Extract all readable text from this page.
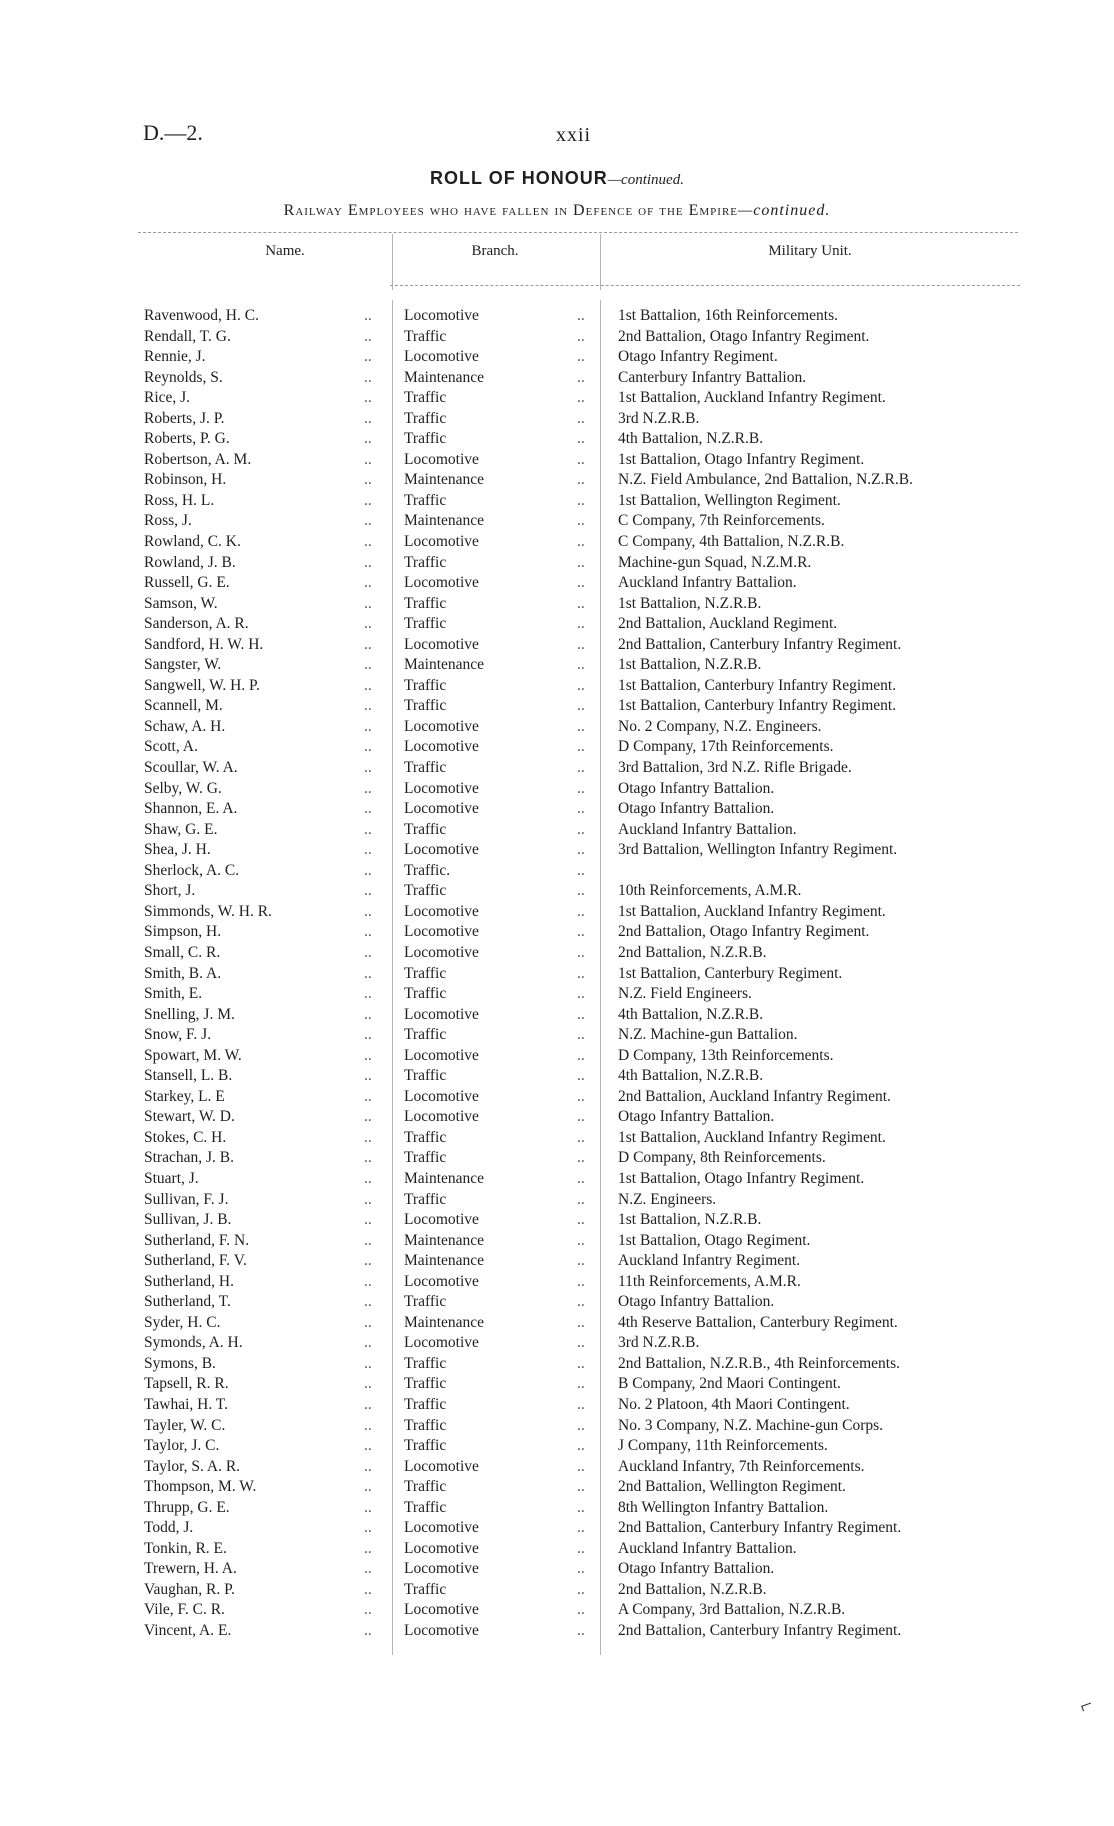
D.—2.	xxii
ROLL OF HONOUR—continued.
Railway Employees who have fallen in Defence of the Empire—continued.
Name.	Branch.	Military Unit.
Ravenwood, H. C.	.. Locomotive	.. 1st Battalion, 16th Reinforcements.
Rendall, T. G.	.. Traffic	.. 2nd Battalion, Otago Infantry Regiment.
Rennie, J.	.. Locomotive	.. Otago Infantry Regiment.
Reynolds, S.	.. Maintenance	.. Canterbury Infantry Battalion.
Rice, J.	.. Traffic	.. 1st Battalion, Auckland Infantry Regiment.
Roberts, J. P.	.. Traffic	.. 3rd N.Z.R.B.
Roberts, P. G.	.. Traffic	.. 4th Battalion, N.Z.R.B.
Robertson, A. M.	.. Locomotive	.. 1st Battalion, Otago Infantry Regiment.
Robinson, H.	.. Maintenance	.. N.Z. Field Ambulance, 2nd Battalion, N.Z.R.B.
Ross, H. L.	.. Traffic	.. 1st Battalion, Wellington Regiment.
Ross, J.	.. Maintenance	.. C Company, 7th Reinforcements.
Rowland, C. K.	.. Locomotive	.. C Company, 4th Battalion, N.Z.R.B.
Rowland, J. B.	.. Traffic	.. Machine-gun Squad, N.Z.M.R.
Russell, G. E.	.. Locomotive	.. Auckland Infantry Battalion.
Samson, W.	.. Traffic	.. 1st Battalion, N.Z.R.B.
Sanderson, A. R.	.. Traffic	.. 2nd Battalion, Auckland Regiment.
Sandford, H. W. H.	.. Locomotive	.. 2nd Battalion, Canterbury Infantry Regiment.
Sangster, W.	.. Maintenance	.. 1st Battalion, N.Z.R.B.
Sangwell, W. H. P.	.. Traffic	.. 1st Battalion, Canterbury Infantry Regiment.
Scannell, M.	.. Traffic	.. 1st Battalion, Canterbury Infantry Regiment.
Schaw, A. H.	.. Locomotive	.. No. 2 Company, N.Z. Engineers.
Scott, A.	.. Locomotive	.. D Company, 17th Reinforcements.
Scoullar, W. A.	.. Traffic	.. 3rd Battalion, 3rd N.Z. Rifle Brigade.
Selby, W. G.	.. Locomotive	.. Otago Infantry Battalion.
Shannon, E. A.	.. Locomotive	.. Otago Infantry Battalion.
Shaw, G. E.	.. Traffic	.. Auckland Infantry Battalion.
Shea, J. H.	.. Locomotive	.. 3rd Battalion, Wellington Infantry Regiment.
Sherlock, A. C.	.. Traffic.	..
Short, J.	.. Traffic	.. 10th Reinforcements, A.M.R.
Simmonds, W. H. R.	.. Locomotive	.. 1st Battalion, Auckland Infantry Regiment.
Simpson, H.	.. Locomotive	.. 2nd Battalion, Otago Infantry Regiment.
Small, C. R.	.. Locomotive	.. 2nd Battalion, N.Z.R.B.
Smith, B. A.	.. Traffic	.. 1st Battalion, Canterbury Regiment.
Smith, E.	.. Traffic	.. N.Z. Field Engineers.
Snelling, J. M.	.. Locomotive	.. 4th Battalion, N.Z.R.B.
Snow, F. J.	.. Traffic	.. N.Z. Machine-gun Battalion.
Spowart, M. W.	.. Locomotive	.. D Company, 13th Reinforcements.
Stansell, L. B.	.. Traffic	.. 4th Battalion, N.Z.R.B.
Starkey, L. E	.. Locomotive	.. 2nd Battalion, Auckland Infantry Regiment.
Stewart, W. D.	.. Locomotive	.. Otago Infantry Battalion.
Stokes, C. H.	.. Traffic	.. 1st Battalion, Auckland Infantry Regiment.
Strachan, J. B.	.. Traffic	.. D Company, 8th Reinforcements.
Stuart, J.	.. Maintenance	.. 1st Battalion, Otago Infantry Regiment.
Sullivan, F. J.	.. Traffic	.. N.Z. Engineers.
Sullivan, J. B.	.. Locomotive	.. 1st Battalion, N.Z.R.B.
Sutherland, F. N.	.. Maintenance	.. 1st Battalion, Otago Regiment.
Sutherland, F. V.	.. Maintenance	.. Auckland Infantry Regiment.
Sutherland, H.	.. Locomotive	.. 11th Reinforcements, A.M.R.
Sutherland, T.	.. Traffic	.. Otago Infantry Battalion.
Syder, H. C.	.. Maintenance	.. 4th Reserve Battalion, Canterbury Regiment.
Symonds, A. H.	.. Locomotive	.. 3rd N.Z.R.B.
Symons, B.	.. Traffic	.. 2nd Battalion, N.Z.R.B., 4th Reinforcements.
Tapsell, R. R.	.. Traffic	.. B Company, 2nd Maori Contingent.
Tawhai, H. T.	.. Traffic	.. No. 2 Platoon, 4th Maori Contingent.
Tayler, W. C.	.. Traffic	.. No. 3 Company, N.Z. Machine-gun Corps.
Taylor, J. C.	.. Traffic	.. J Company, 11th Reinforcements.
Taylor, S. A. R.	.. Locomotive	.. Auckland Infantry, 7th Reinforcements.
Thompson, M. W.	.. Traffic	.. 2nd Battalion, Wellington Regiment.
Thrupp, G. E.	.. Traffic	.. 8th Wellington Infantry Battalion.
Todd, J.	.. Locomotive	.. 2nd Battalion, Canterbury Infantry Regiment.
Tonkin, R. E.	.. Locomotive	.. Auckland Infantry Battalion.
Trewern, H. A.	.. Locomotive	.. Otago Infantry Battalion.
Vaughan, R. P.	.. Traffic	.. 2nd Battalion, N.Z.R.B.
Vile, F. C. R.	.. Locomotive	.. A Company, 3rd Battalion, N.Z.R.B.
Vincent, A. E.	.. Locomotive	.. 2nd Battalion, Canterbury Infantry Regiment.
⌐
